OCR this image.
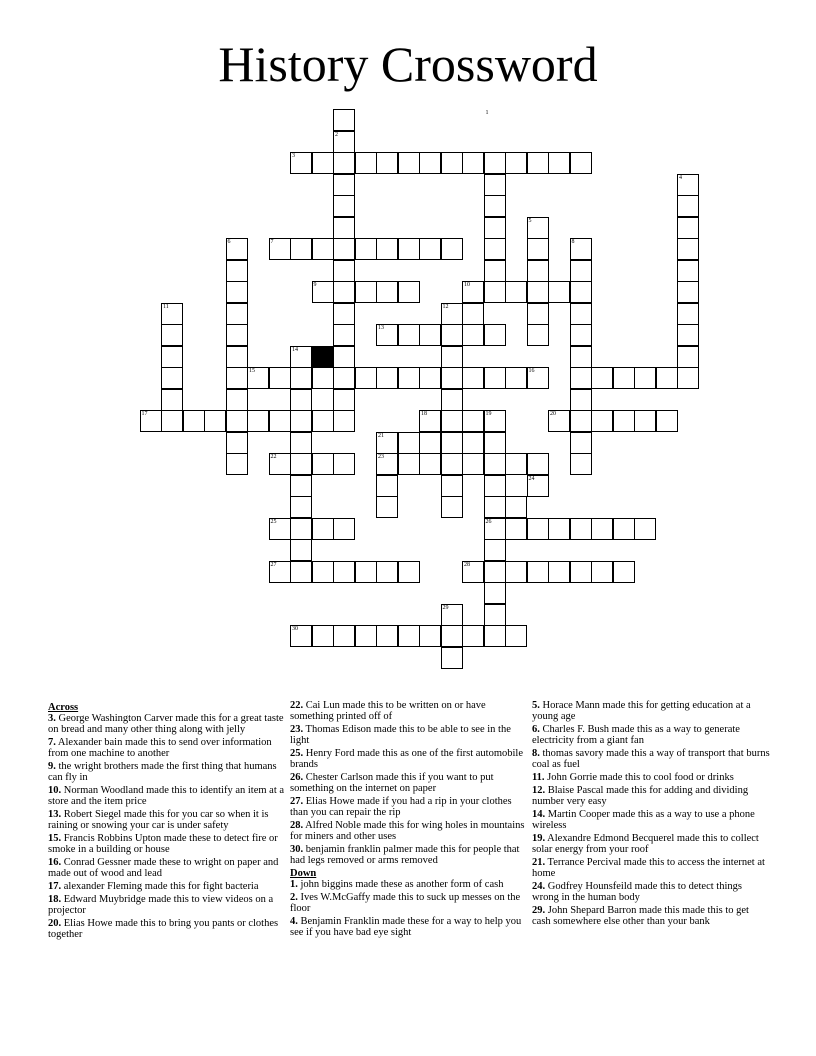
History Crossword
1
2
3
4
5
6	7	8
9	10
11	12
13
14
15	16
17	18	19	20
21
22	23
24
25	26
27	28
29
30
Across
3. George Washington Carver made this for a great taste on bread and many other thing along with jelly
7. Alexander bain made this to send over information from one machine to another
9. the wright brothers made the first thing that humans can fly in
10. Norman Woodland made this to identify an item at a store and the item price
13. Robert Siegel made this for you car so when it is raining or snowing your car is under safety
15. Francis Robbins Upton made these to detect fire or smoke in a building or house
16. Conrad Gessner made these to wright on paper and made out of wood and lead
17. alexander Fleming made this for fight bacteria
18. Edward Muybridge made this to view videos on a projector
20. Elias Howe made this to bring you pants or clothes together
22. Cai Lun made this to be written on or have something printed off of
23. Thomas Edison made this to be able to see in the light
25. Henry Ford made this as one of the first automobile brands
26. Chester Carlson made this if you want to put something on the internet on paper
27. Elias Howe made if you had a rip in your clothes than you can repair the rip
28. Alfred Noble made this for wing holes in mountains for miners and other uses
30. benjamin franklin palmer made this for people that had legs removed or arms removed
Down
1. john biggins made these as another form of cash
2. Ives W.McGaffy made this to suck up messes on the floor
4. Benjamin Franklin made these for a way to help you see if you have bad eye sight
5. Horace Mann made this for getting education at a young age
6. Charles F. Bush made this as a way to generate electricity from a giant fan
8. thomas savory made this a way of transport that burns coal as fuel
11. John Gorrie made this to cool food or drinks
12. Blaise Pascal made this for adding and dividing number very easy
14. Martin Cooper made this as a way to use a phone wireless
19. Alexandre Edmond Becquerel made this to collect solar energy from your roof
21. Terrance Percival made this to access the internet at home
24. Godfrey Hounsfeild made this to detect things wrong in the human body
29. John Shepard Barron made this made this to get cash somewhere else other than your bank
